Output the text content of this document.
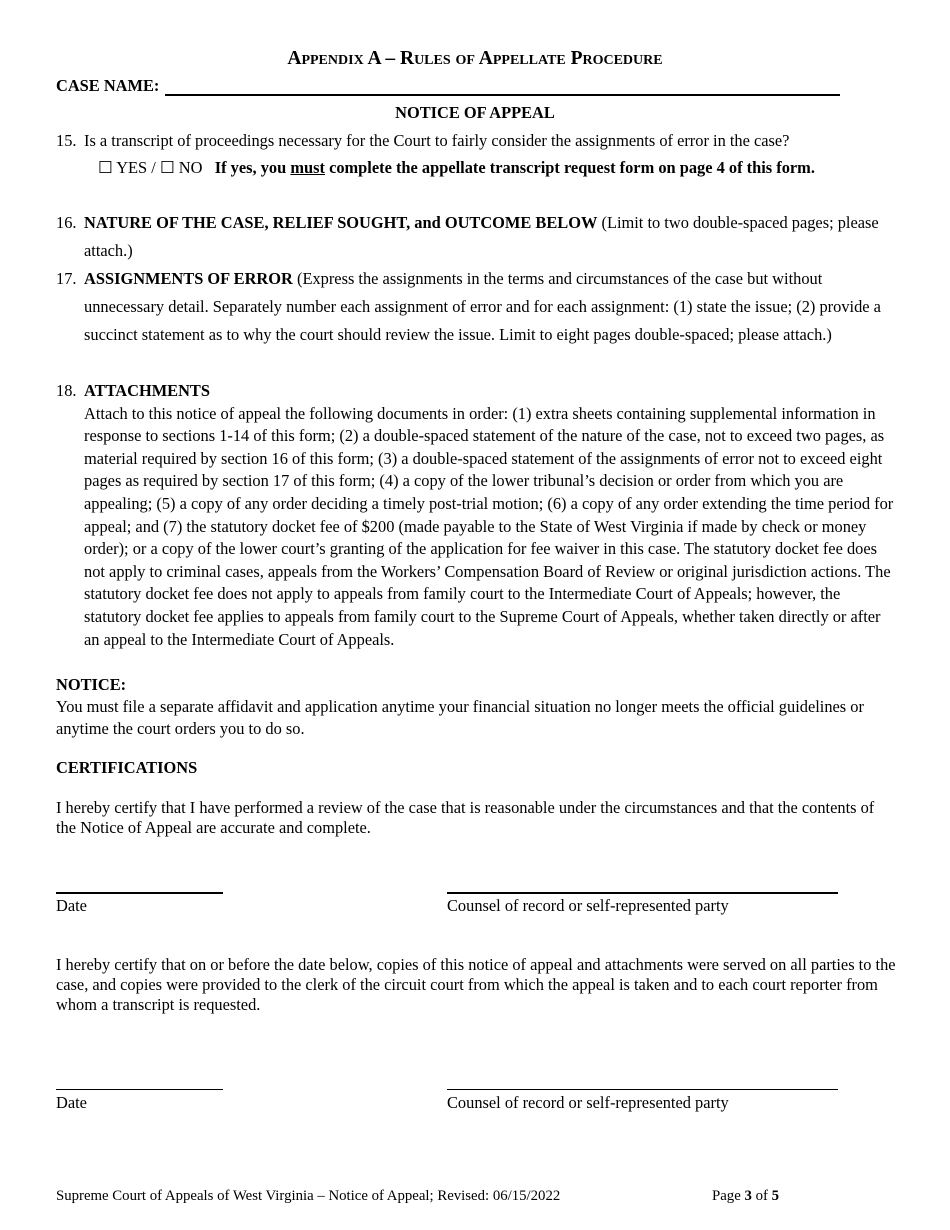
Appendix A – Rules of Appellate Procedure
CASE NAME:
NOTICE OF APPEAL
15. Is a transcript of proceedings necessary for the Court to fairly consider the assignments of error in the case?
☐ YES / ☐ NO If yes, you must complete the appellate transcript request form on page 4 of this form.
16. NATURE OF THE CASE, RELIEF SOUGHT, and OUTCOME BELOW (Limit to two double-spaced pages; please attach.)
17. ASSIGNMENTS OF ERROR (Express the assignments in the terms and circumstances of the case but without unnecessary detail. Separately number each assignment of error and for each assignment: (1) state the issue; (2) provide a succinct statement as to why the court should review the issue. Limit to eight pages double-spaced; please attach.)
18. ATTACHMENTS
Attach to this notice of appeal the following documents in order: (1) extra sheets containing supplemental information in response to sections 1-14 of this form; (2) a double-spaced statement of the nature of the case, not to exceed two pages, as material required by section 16 of this form; (3) a double-spaced statement of the assignments of error not to exceed eight pages as required by section 17 of this form; (4) a copy of the lower tribunal’s decision or order from which you are appealing; (5) a copy of any order deciding a timely post-trial motion; (6) a copy of any order extending the time period for appeal; and (7) the statutory docket fee of $200 (made payable to the State of West Virginia if made by check or money order); or a copy of the lower court’s granting of the application for fee waiver in this case. The statutory docket fee does not apply to criminal cases, appeals from the Workers’ Compensation Board of Review or original jurisdiction actions. The statutory docket fee does not apply to appeals from family court to the Intermediate Court of Appeals; however, the statutory docket fee applies to appeals from family court to the Supreme Court of Appeals, whether taken directly or after an appeal to the Intermediate Court of Appeals.
NOTICE:
You must file a separate affidavit and application anytime your financial situation no longer meets the official guidelines or anytime the court orders you to do so.
CERTIFICATIONS
I hereby certify that I have performed a review of the case that is reasonable under the circumstances and that the contents of the Notice of Appeal are accurate and complete.
Date	Counsel of record or self-represented party
I hereby certify that on or before the date below, copies of this notice of appeal and attachments were served on all parties to the case, and copies were provided to the clerk of the circuit court from which the appeal is taken and to each court reporter from whom a transcript is requested.
Date	Counsel of record or self-represented party
Supreme Court of Appeals of West Virginia – Notice of Appeal; Revised: 06/15/2022	Page 3 of 5
